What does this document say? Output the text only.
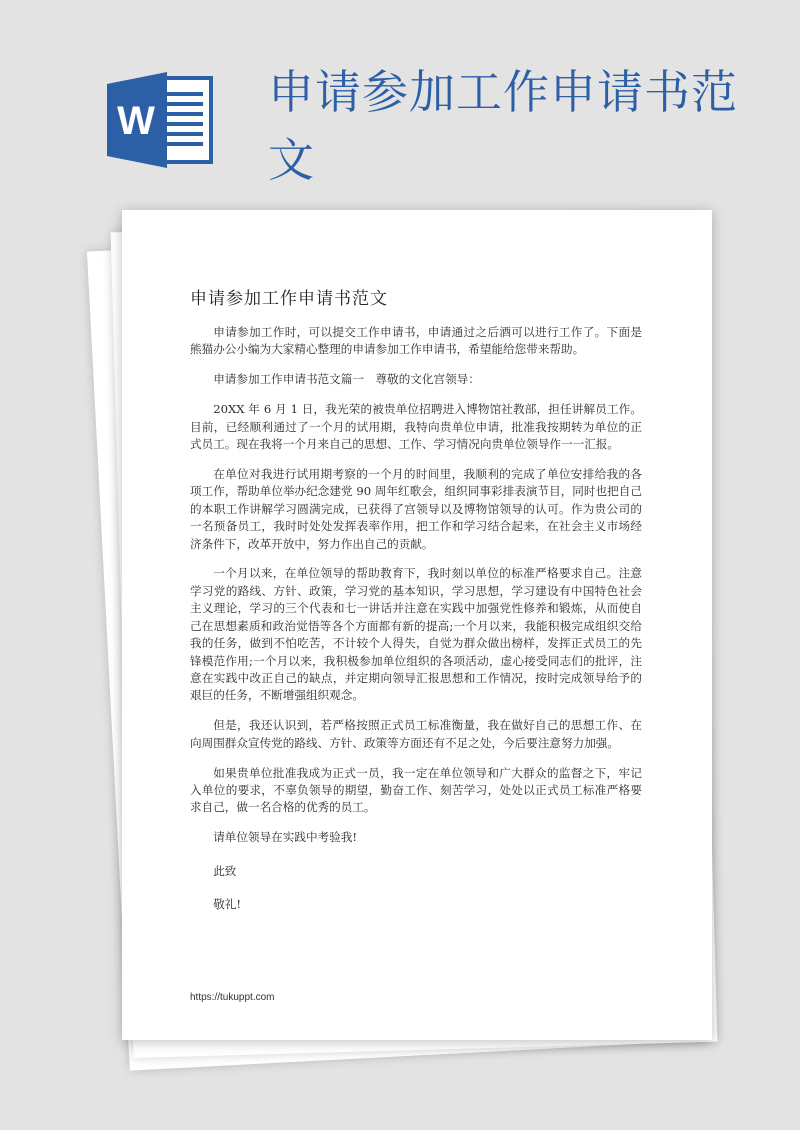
W
申请参加工作申请书范
文
申请参加工作申请书范文

申请参加工作时，可以提交工作申请书，申请通过之后酒可以进行工作了。下面是熊猫办公小编为大家精心整理的申请参加工作申请书，希望能给您带来帮助。

申请参加工作申请书范文篇一　尊敬的文化宫领导：

20XX 年 6 月 1 日，我光荣的被贵单位招聘进入博物馆社教部，担任讲解员工作。目前，已经顺利通过了一个月的试用期，我特向贵单位申请，批准我按期转为单位的正式员工。现在我将一个月来自己的思想、工作、学习情况向贵单位领导作一一汇报。

在单位对我进行试用期考察的一个月的时间里，我顺利的完成了单位安排给我的各项工作，帮助单位举办纪念建党 90 周年红歌会，组织同事彩排表演节目，同时也把自己的本职工作讲解学习圆满完成，已获得了宫领导以及博物馆领导的认可。作为贵公司的一名预备员工，我时时处处发挥表率作用，把工作和学习结合起来，在社会主义市场经济条件下，改革开放中，努力作出自己的贡献。

一个月以来，在单位领导的帮助教育下，我时刻以单位的标准严格要求自己。注意学习党的路线、方针、政策，学习党的基本知识，学习思想，学习建设有中国特色社会主义理论，学习的三个代表和七一讲话并注意在实践中加强党性修养和锻炼，从而使自己在思想素质和政治觉悟等各个方面都有新的提高;一个月以来，我能积极完成组织交给我的任务，做到不怕吃苦，不计较个人得失，自觉为群众做出榜样，发挥正式员工的先锋模范作用;一个月以来，我积极参加单位组织的各项活动，虚心接受同志们的批评，注意在实践中改正自己的缺点，并定期向领导汇报思想和工作情况，按时完成领导给予的艰巨的任务，不断增强组织观念。

但是，我还认识到，若严格按照正式员工标准衡量，我在做好自己的思想工作、在向周围群众宣传党的路线、方针、政策等方面还有不足之处，今后要注意努力加强。

如果贵单位批准我成为正式一员，我一定在单位领导和广大群众的监督之下，牢记入单位的要求，不辜负领导的期望，勤奋工作、刻苦学习，处处以正式员工标准严格要求自己，做一名合格的优秀的员工。

请单位领导在实践中考验我!

此致

敬礼!

https://tukuppt.com
